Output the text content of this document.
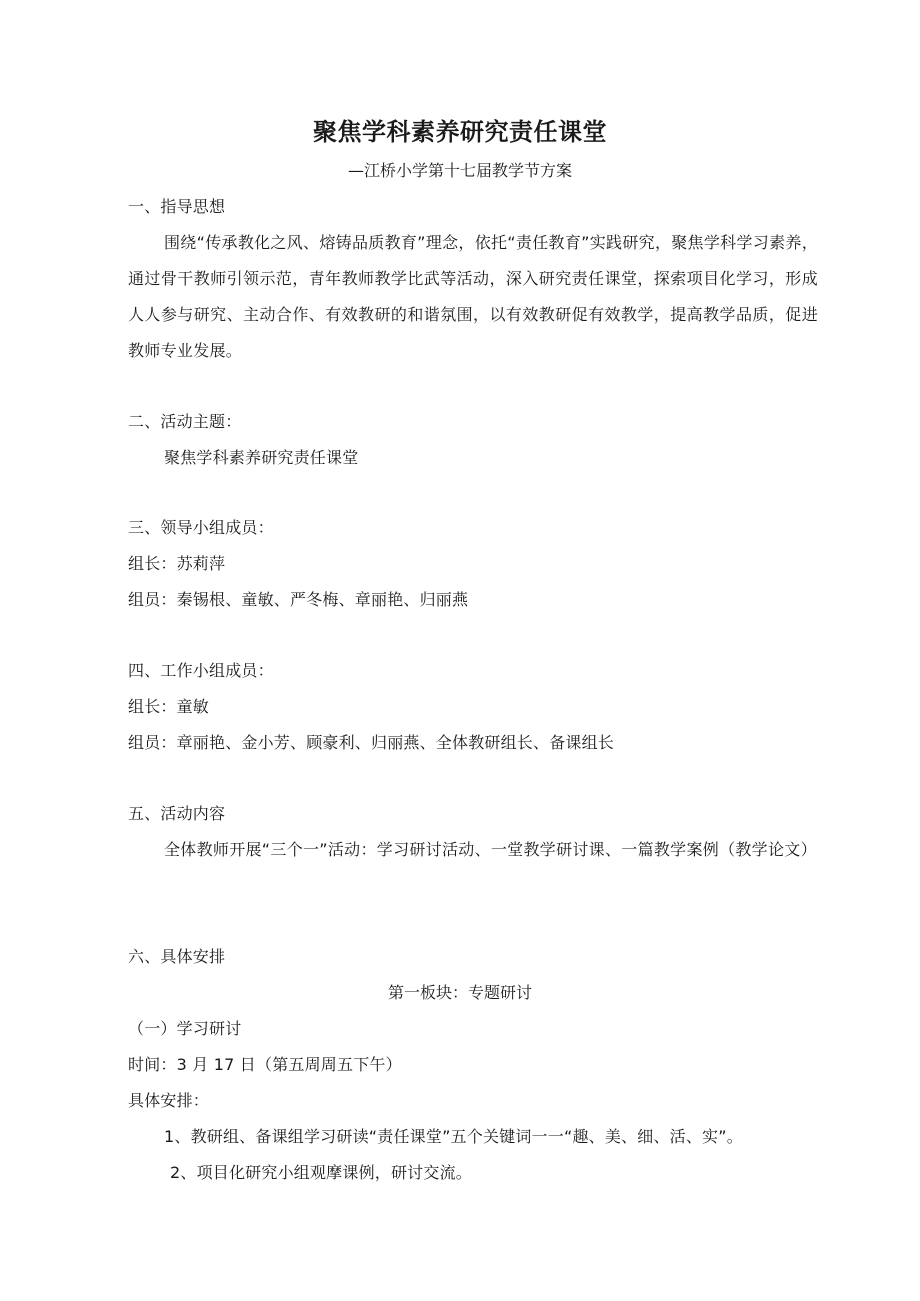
聚焦学科素养研究责任课堂
—江桥小学第十七届教学节方案
一、指导思想
围绕“传承教化之风、熔铸品质教育”理念，依托“责任教育”实践研究，聚焦学科学习素养，通过骨干教师引领示范，青年教师教学比武等活动，深入研究责任课堂，探索项目化学习，形成人人参与研究、主动合作、有效教研的和谐氛围，以有效教研促有效教学，提高教学品质，促进教师专业发展。
二、活动主题：
聚焦学科素养研究责任课堂
三、领导小组成员：
组长：苏莉萍
组员：秦锡根、童敏、严冬梅、章丽艳、归丽燕
四、工作小组成员：
组长：童敏
组员：章丽艳、金小芳、顾豪利、归丽燕、全体教研组长、备课组长
五、活动内容
全体教师开展“三个一”活动：学习研讨活动、一堂教学研讨课、一篇教学案例（教学论文）
六、具体安排
第一板块：专题研讨
（一）学习研讨
时间：3 月 17 日（第五周周五下午）
具体安排：
1、教研组、备课组学习研读“责任课堂”五个关键词一一“趣、美、细、活、实”。
2、项目化研究小组观摩课例，研讨交流。
